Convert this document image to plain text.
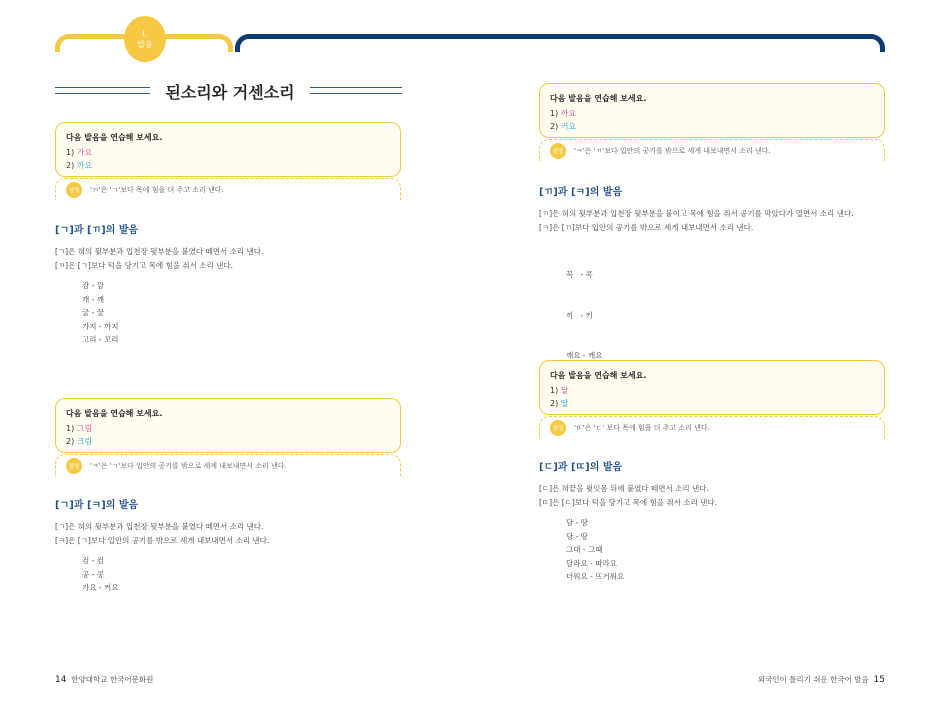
I.
발음
된소리와 거센소리
다음 발음을 연습해 보세요.
1) 가요
2) 까요
설명	'ㄲ'은 'ㄱ'보다 목에 힘을 더 주고 소리 낸다.
[ㄱ]과 [ㄲ]의 발음
[ㄱ]은 혀의 뒷부분과 입천장 뒷부분을 붙였다 떼면서 소리 낸다.
[ㄲ]은 [ㄱ]보다 턱을 당기고 목에 힘을 줘서 소리 낸다.
감 - 깜
개 - 깨
굴 - 꿀
가지 - 까지
고리 - 꼬리
다음 발음을 연습해 보세요.
1) 그림
2) 크림
설명	'ㅋ'은 'ㄱ'보다 입안의 공기를 밖으로 세게 내보내면서 소리 낸다.
[ㄱ]과 [ㅋ]의 발음
[ㄱ]은 혀의 뒷부분과 입천장 뒷부분을 붙였다 떼면서 소리 낸다.
[ㅋ]은 [ㄱ]보다 입안의 공기를 밖으로 세게 내보내면서 소리 낸다.
검 - 컴
공 - 콩
가요 - 커요
14 한양대학교 한국어문화원
다음 발음을 연습해 보세요.
1) 까요
2) 커요
설명	'ㅋ'은 'ㄲ'보다 입안의 공기를 밖으로 세게 내보내면서 소리 낸다.
[ㄲ]과 [ㅋ]의 발음
[ㄲ]은 혀의 뒷부분과 입천장 뒷부분을 붙이고 목에 힘을 줘서 공기를 막았다가 열면서 소리 낸다.
[ㅋ]은 [ㄲ]보다 입안의 공기를 밖으로 세게 내보내면서 소리 낸다.

꼭   - 콕

끼   - 키

깨요 - 캐요

다음 발음을 연습해 보세요.
1) 달
2) 딸
설명	'ㄸ'은 'ㄷ' 보다 목에 힘을 더 주고 소리 낸다.
[ㄷ]과 [ㄸ]의 발음
[ㄷ]은 혀끝을 윗잇몸 뒤에 붙였다 떼면서 소리 낸다.
[ㄸ]은 [ㄷ]보다 턱을 당기고 목에 힘을 줘서 소리 낸다.
담 - 땀
당 - 땅
그대 - 그때
달라요 - 따라요
더워요 - 뜨거워요
외국인이 틀리기 쉬운 한국어 발음 15
